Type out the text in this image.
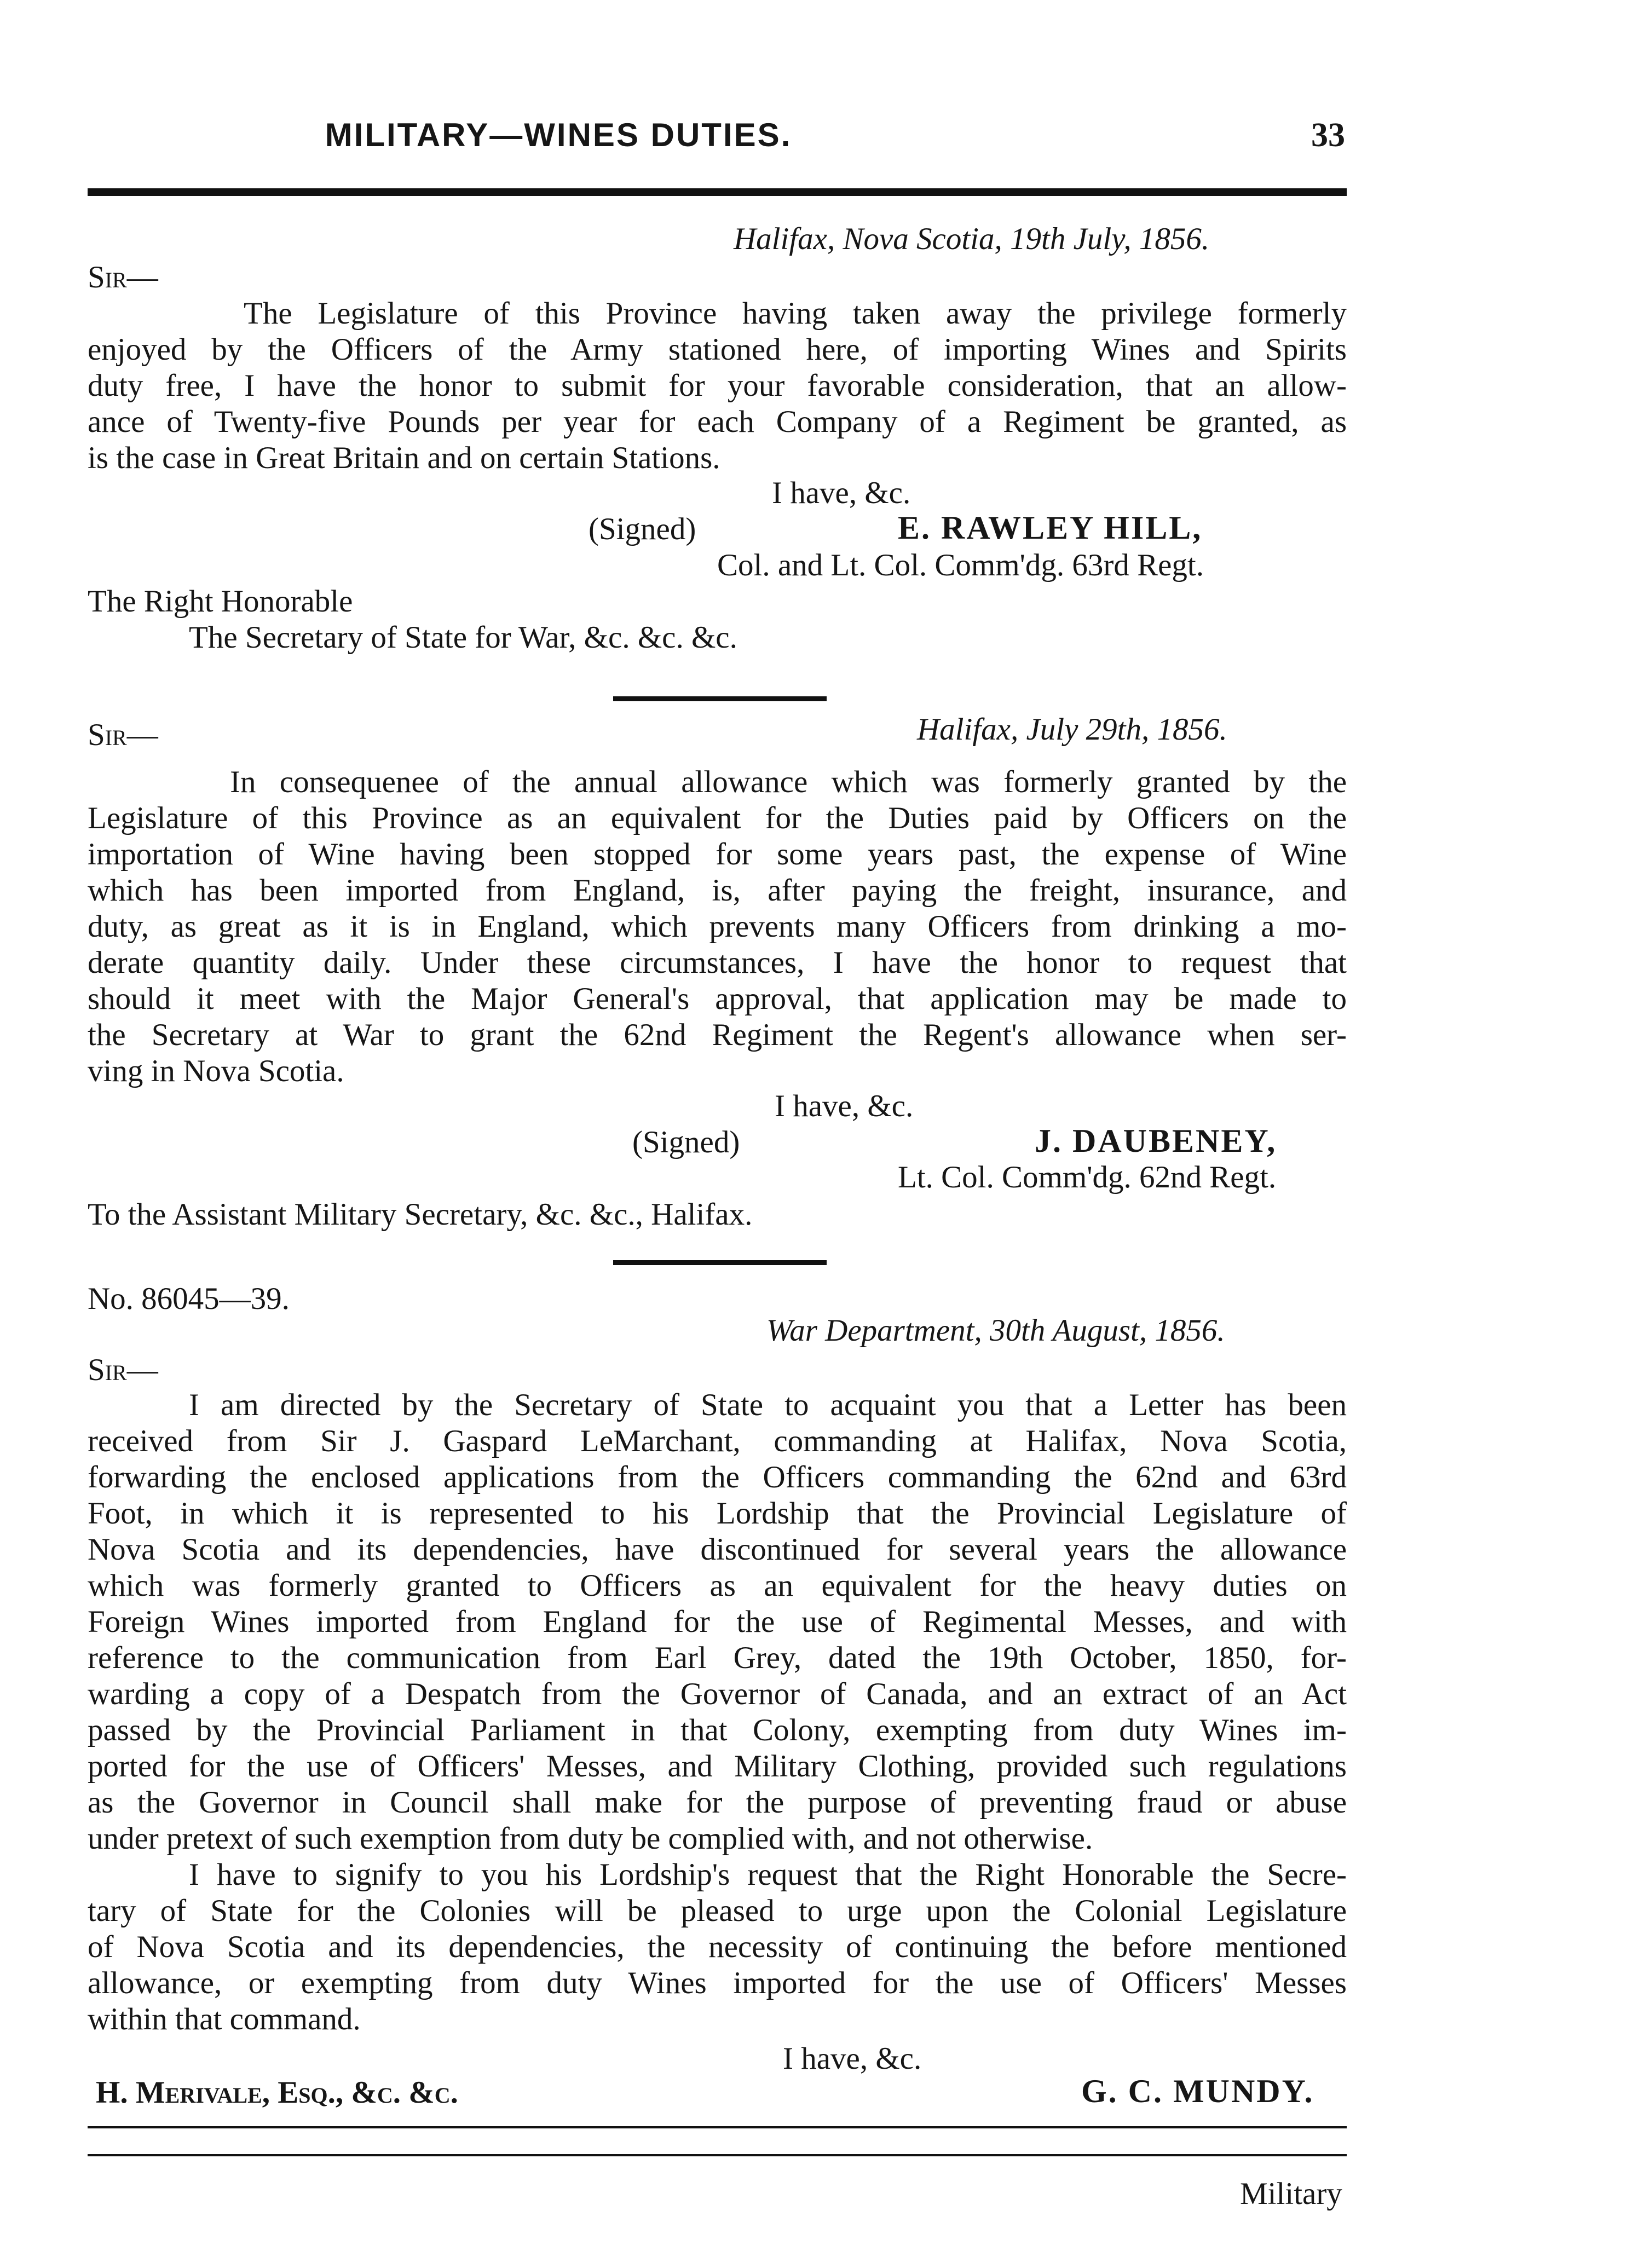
MILITARY—WINES DUTIES.	33
Halifax, Nova Scotia, 19th July, 1856.
Sir—
The Legislature of this Province having taken away the privilege formerly
enjoyed by the Officers of the Army stationed here, of importing Wines and Spirits
duty free, I have the honor to submit for your favorable consideration, that an allow-
ance of Twenty-five Pounds per year for each Company of a Regiment be granted, as
is the case in Great Britain and on certain Stations.
I have, &c.
(Signed)	E. RAWLEY HILL,
Col. and Lt. Col. Comm'dg. 63rd Regt.
The Right Honorable
The Secretary of State for War, &c. &c. &c.
Sir—	Halifax, July 29th, 1856.
In consequenee of the annual allowance which was formerly granted by the
Legislature of this Province as an equivalent for the Duties paid by Officers on the
importation of Wine having been stopped for some years past, the expense of Wine
which has been imported from England, is, after paying the freight, insurance, and
duty, as great as it is in England, which prevents many Officers from drinking a mo-
derate quantity daily. Under these circumstances, I have the honor to request that
should it meet with the Major General's approval, that application may be made to
the Secretary at War to grant the 62nd Regiment the Regent's allowance when ser-
ving in Nova Scotia.
I have, &c.
(Signed)	J. DAUBENEY,
Lt. Col. Comm'dg. 62nd Regt.
To the Assistant Military Secretary, &c. &c., Halifax.
No. 86045—39.
War Department, 30th August, 1856.
Sir—
I am directed by the Secretary of State to acquaint you that a Letter has been
received from Sir J. Gaspard LeMarchant, commanding at Halifax, Nova Scotia,
forwarding the enclosed applications from the Officers commanding the 62nd and 63rd
Foot, in which it is represented to his Lordship that the Provincial Legislature of
Nova Scotia and its dependencies, have discontinued for several years the allowance
which was formerly granted to Officers as an equivalent for the heavy duties on
Foreign Wines imported from England for the use of Regimental Messes, and with
reference to the communication from Earl Grey, dated the 19th October, 1850, for-
warding a copy of a Despatch from the Governor of Canada, and an extract of an Act
passed by the Provincial Parliament in that Colony, exempting from duty Wines im-
ported for the use of Officers' Messes, and Military Clothing, provided such regulations
as the Governor in Council shall make for the purpose of preventing fraud or abuse
under pretext of such exemption from duty be complied with, and not otherwise.
I have to signify to you his Lordship's request that the Right Honorable the Secre-
tary of State for the Colonies will be pleased to urge upon the Colonial Legislature
of Nova Scotia and its dependencies, the necessity of continuing the before mentioned
allowance, or exempting from duty Wines imported for the use of Officers' Messes
within that command.
I have, &c.
H. Merivale, Esq., &c. &c.	G. C. MUNDY.
Military
